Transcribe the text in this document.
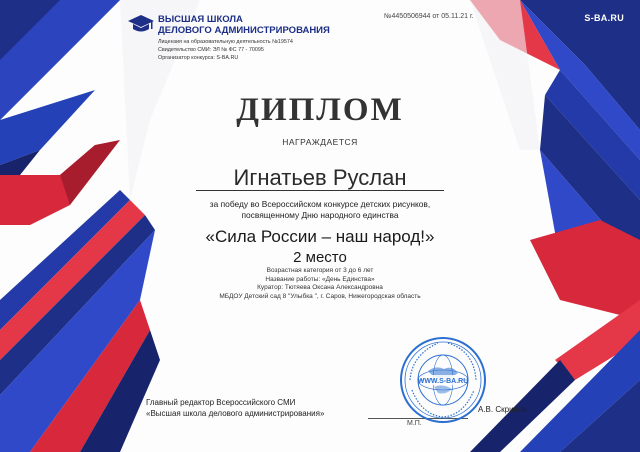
ВЫСШАЯ ШКОЛА
ДЕЛОВОГО АДМИНИСТРИРОВАНИЯ
Лицензия на образовательную деятельность №19574
Свидетельство СМИ: ЭЛ № ФС 77 - 70095
Организатор конкурса: S-BA.RU
№4450506944 от 05.11.21 г.	S-BA.RU
ДИПЛОМ
НАГРАЖДАЕТСЯ
Игнатьев Руслан
за победу во Всероссийском конкурсе детских рисунков,
посвященному Дню народного единства
«Сила России – наш народ!»
2 место
Возрастная категория от 3 до 6 лет
Название работы: «День Единства»
Куратор: Тютяева Оксана Александровна
МБДОУ Детский сад 8 "Улыбка ", г. Саров, Нижегородская область
Главный редактор Всероссийского СМИ
«Высшая школа делового администрирования»
М.П.
А.В. Скрипов
WWW.S-BA.RU
